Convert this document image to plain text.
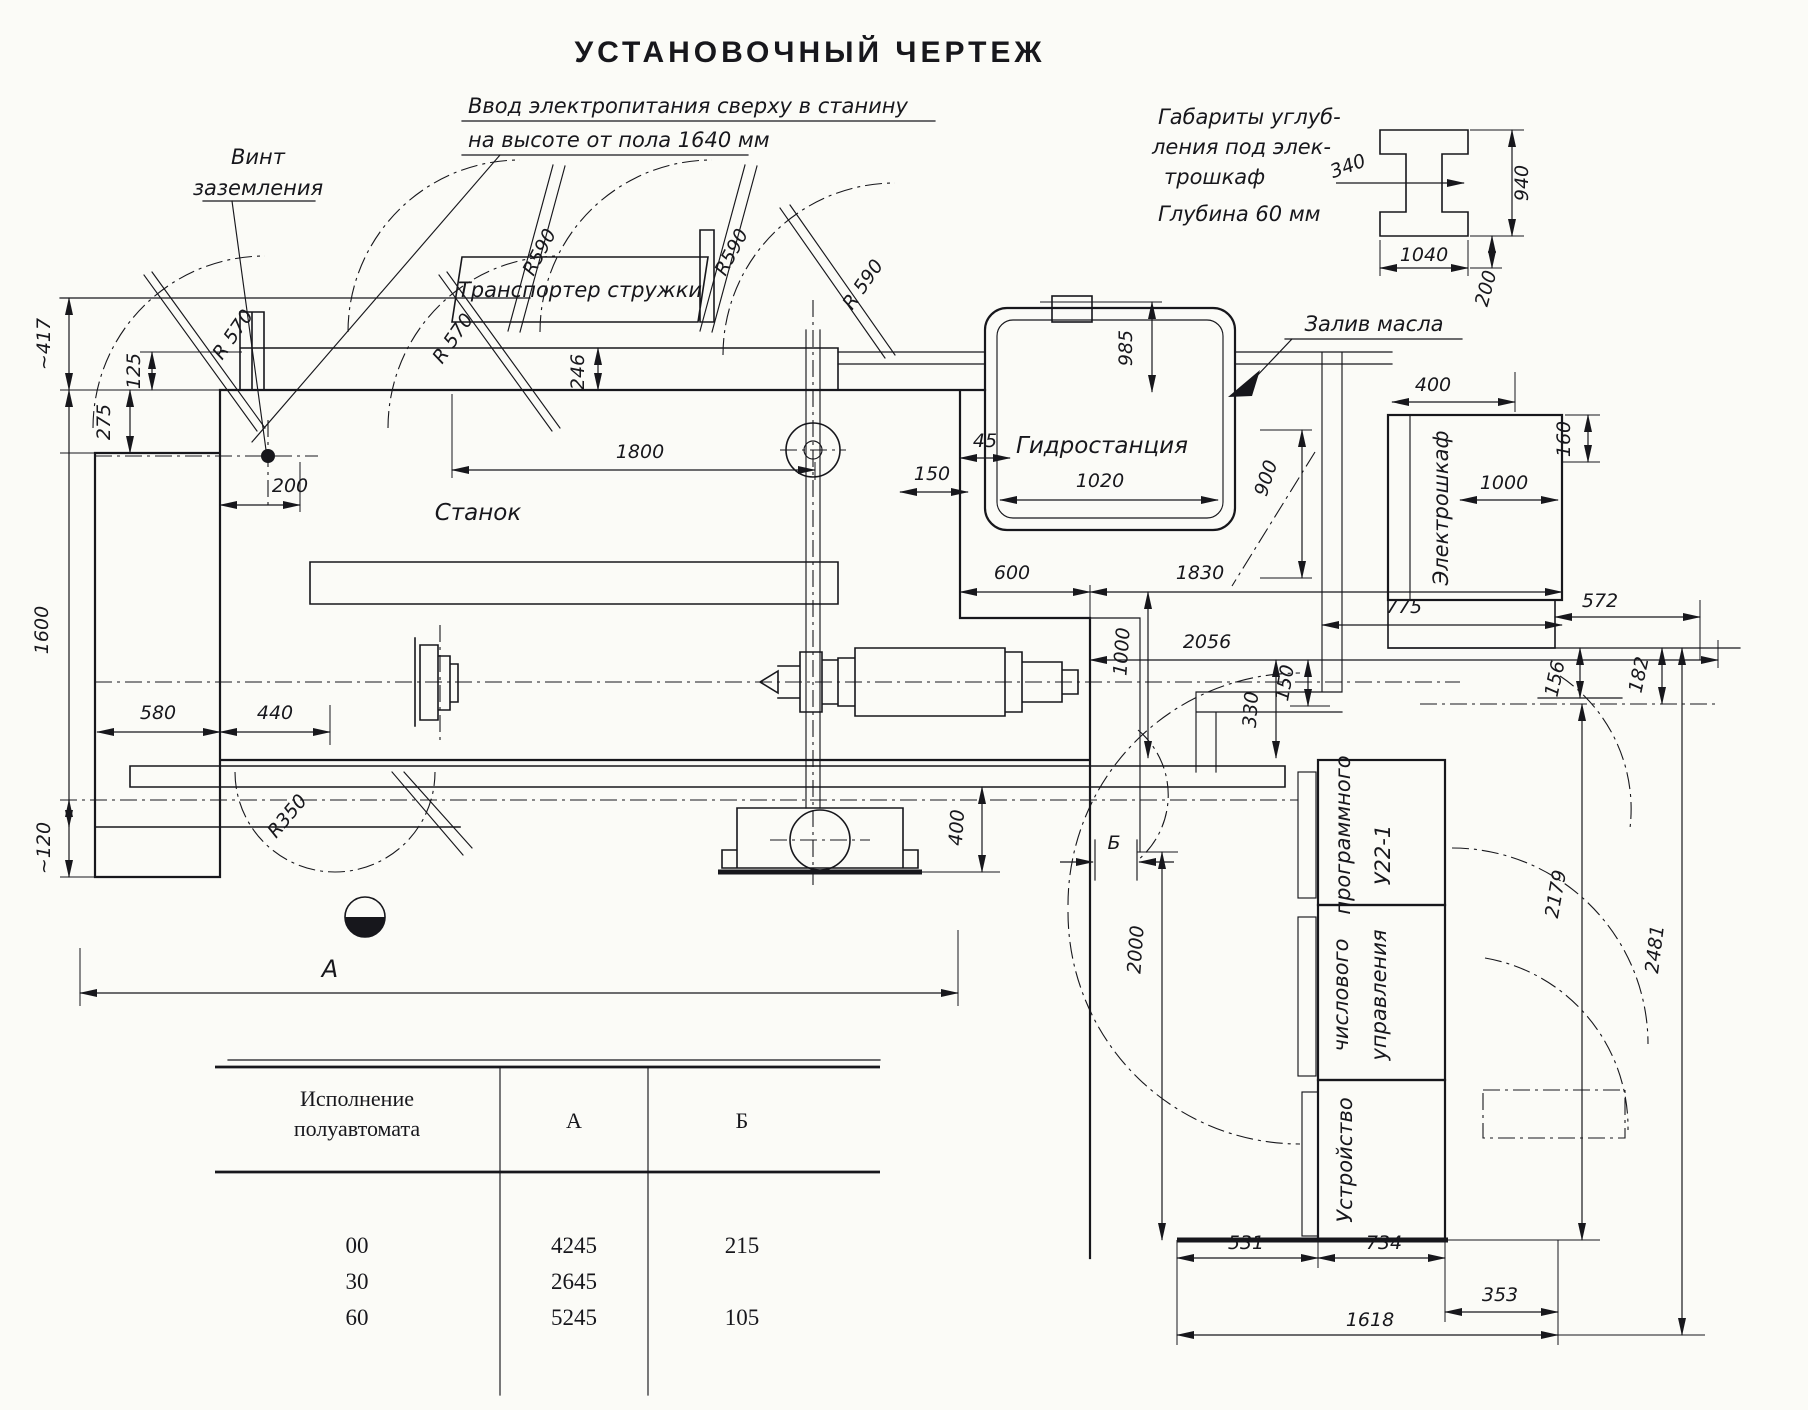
УСТАНОВОЧНЫЙ ЧЕРТЕЖ
Ввод электропитания сверху в станину
на высоте от пола 1640 мм
Винт
заземления
Габариты углуб-
ления под элек-
трошкаф
Глубина 60 мм
340	940
1040
200
R 570	R 570
R590	R590
R 590
R350
Станок
Транспортер стружки
246
400
Гидростанция
1020
985
45
150	900
Залив масла
Электрошкаф
400
160
1000
программного У22-1
числового управления
Устройство
~417
125
275
1600
~120
580	440
200
1800
600	1830
775	572
182
1000	2056
330
150	156
Б
2000
2179
2481
531	734
353
1618
А
Исполнение
полуавтомата	А	Б
00	4245	215
30	2645
60	5245	105
